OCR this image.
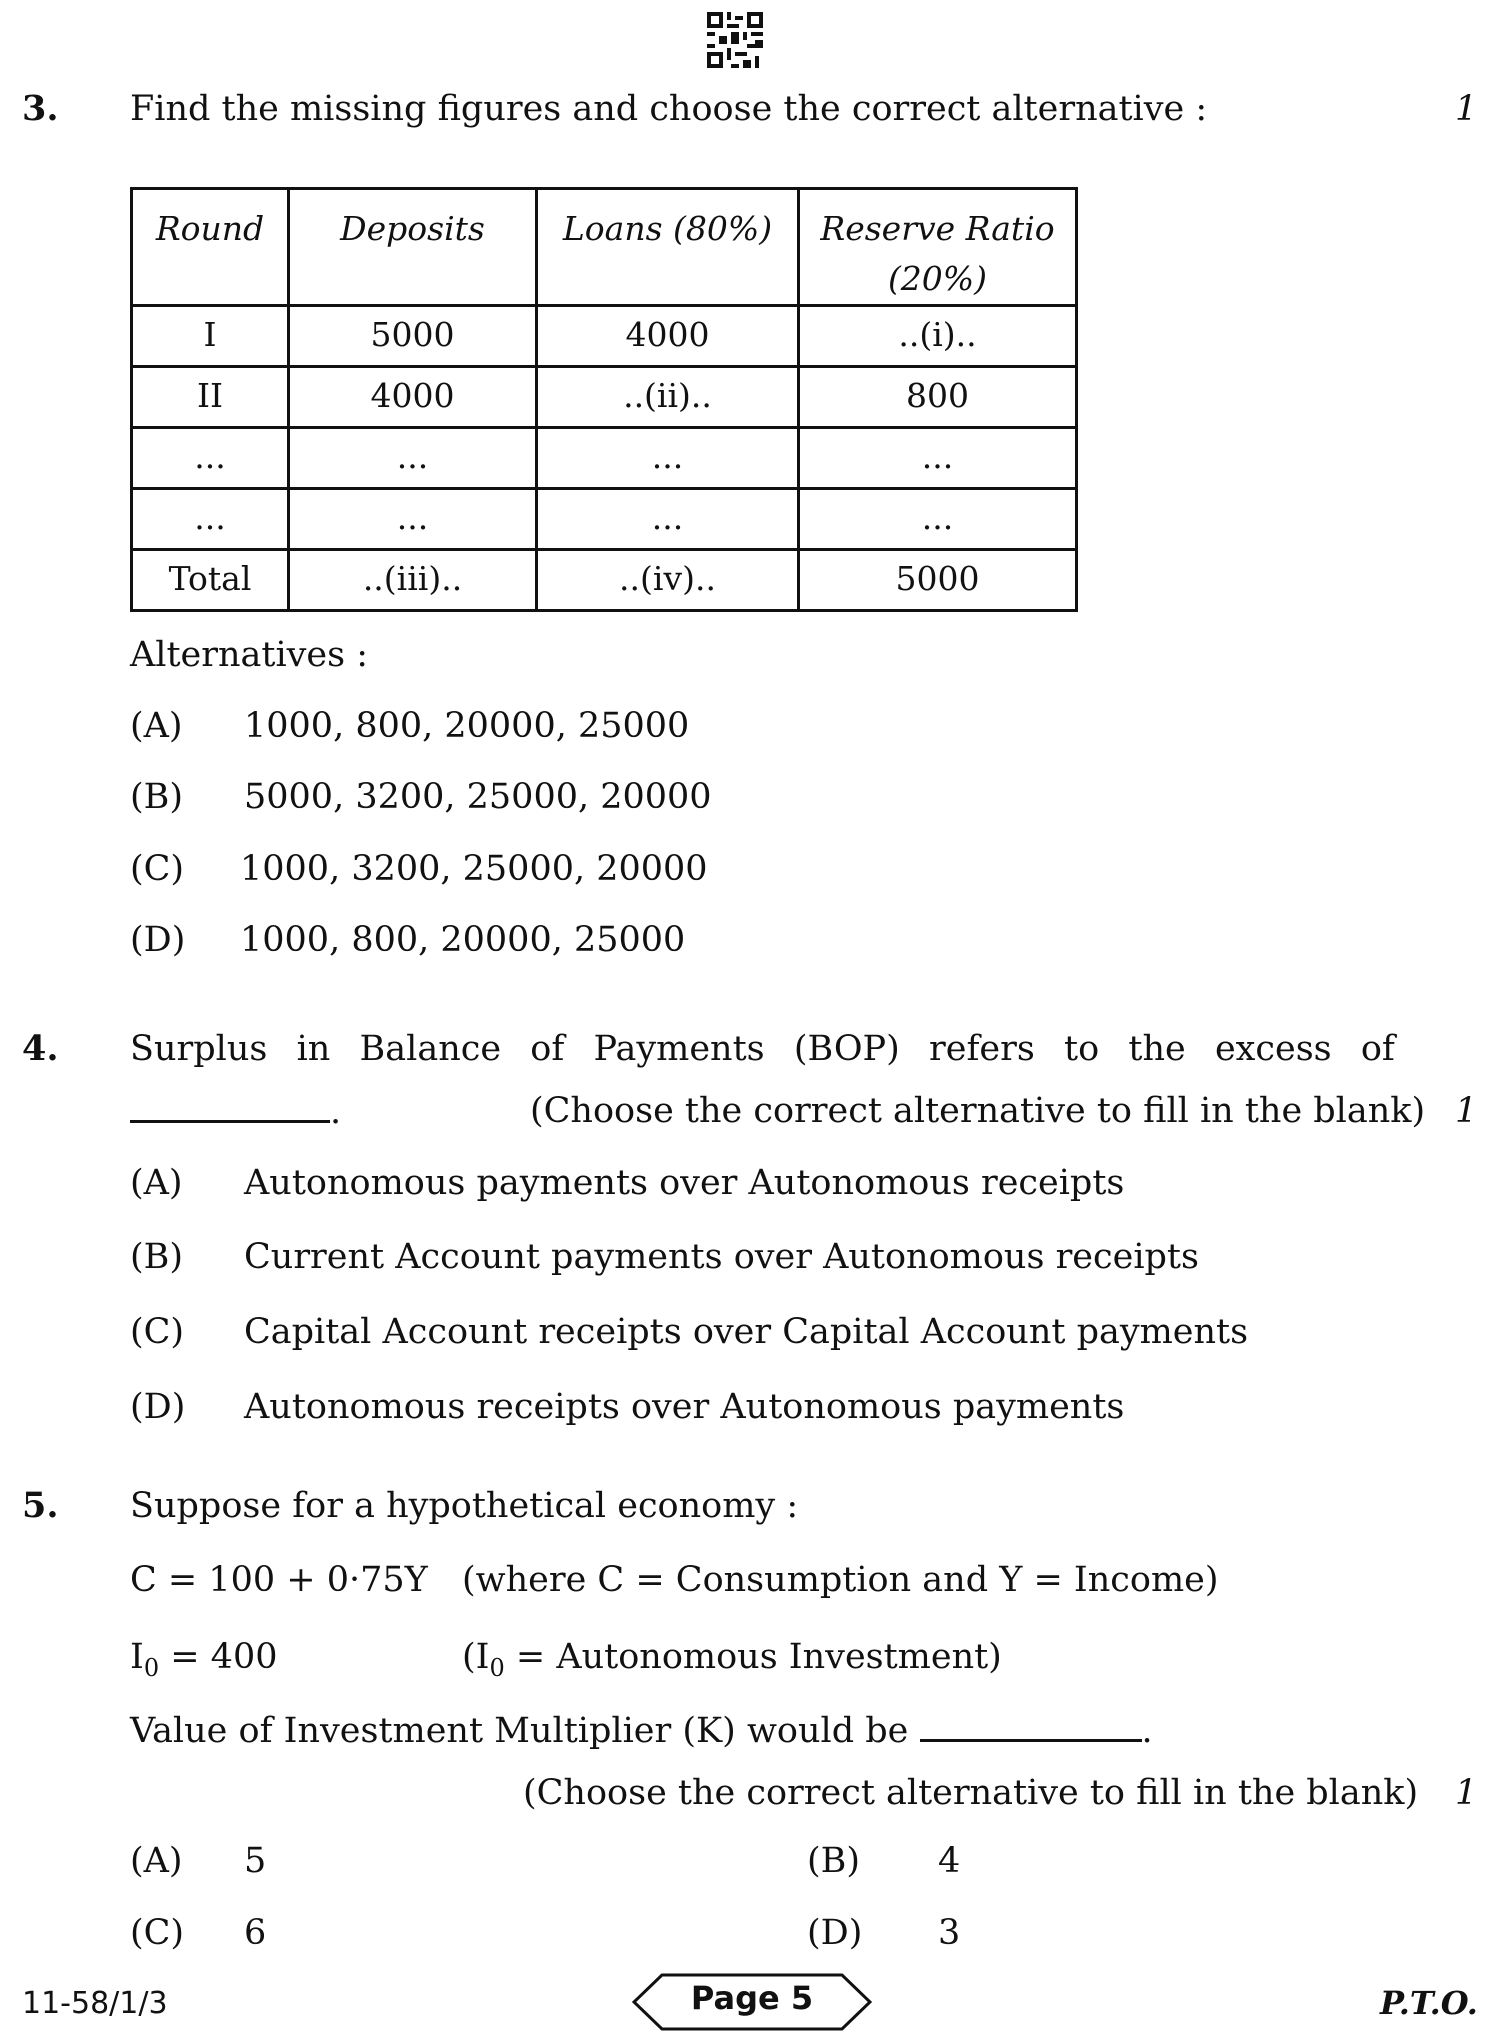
3. Find the missing figures and choose the correct alternative :	1
Round	Deposits	Loans (80%)	Reserve Ratio
(20%)
I	5000	4000	..(i)..
II	4000	..(ii)..	800
...	...	...	...
...	...	...	...
Total	..(iii)..	..(iv)..	5000
Alternatives :
(A) 1000, 800, 20000, 25000
(B) 5000, 3200, 25000, 20000
(C) 1000, 3200, 25000, 20000
(D) 1000, 800, 20000, 25000
4. Surplus in Balance of Payments (BOP) refers to the excess of
.	(Choose the correct alternative to fill in the blank) 1
(A) Autonomous payments over Autonomous receipts
(B) Current Account payments over Autonomous receipts
(C) Capital Account receipts over Capital Account payments
(D) Autonomous receipts over Autonomous payments
5. Suppose for a hypothetical economy :
C = 100 + 0·75Y (where C = Consumption and Y = Income)
$I_0 = 400$	($I_0$ = Autonomous Investment)
Value of Investment Multiplier (K) would be	.
(Choose the correct alternative to fill in the blank) 1
(A) 5	(B) 4
(C) 6	(D) 3
11-58/1/3	Page 5	P.T.O.
